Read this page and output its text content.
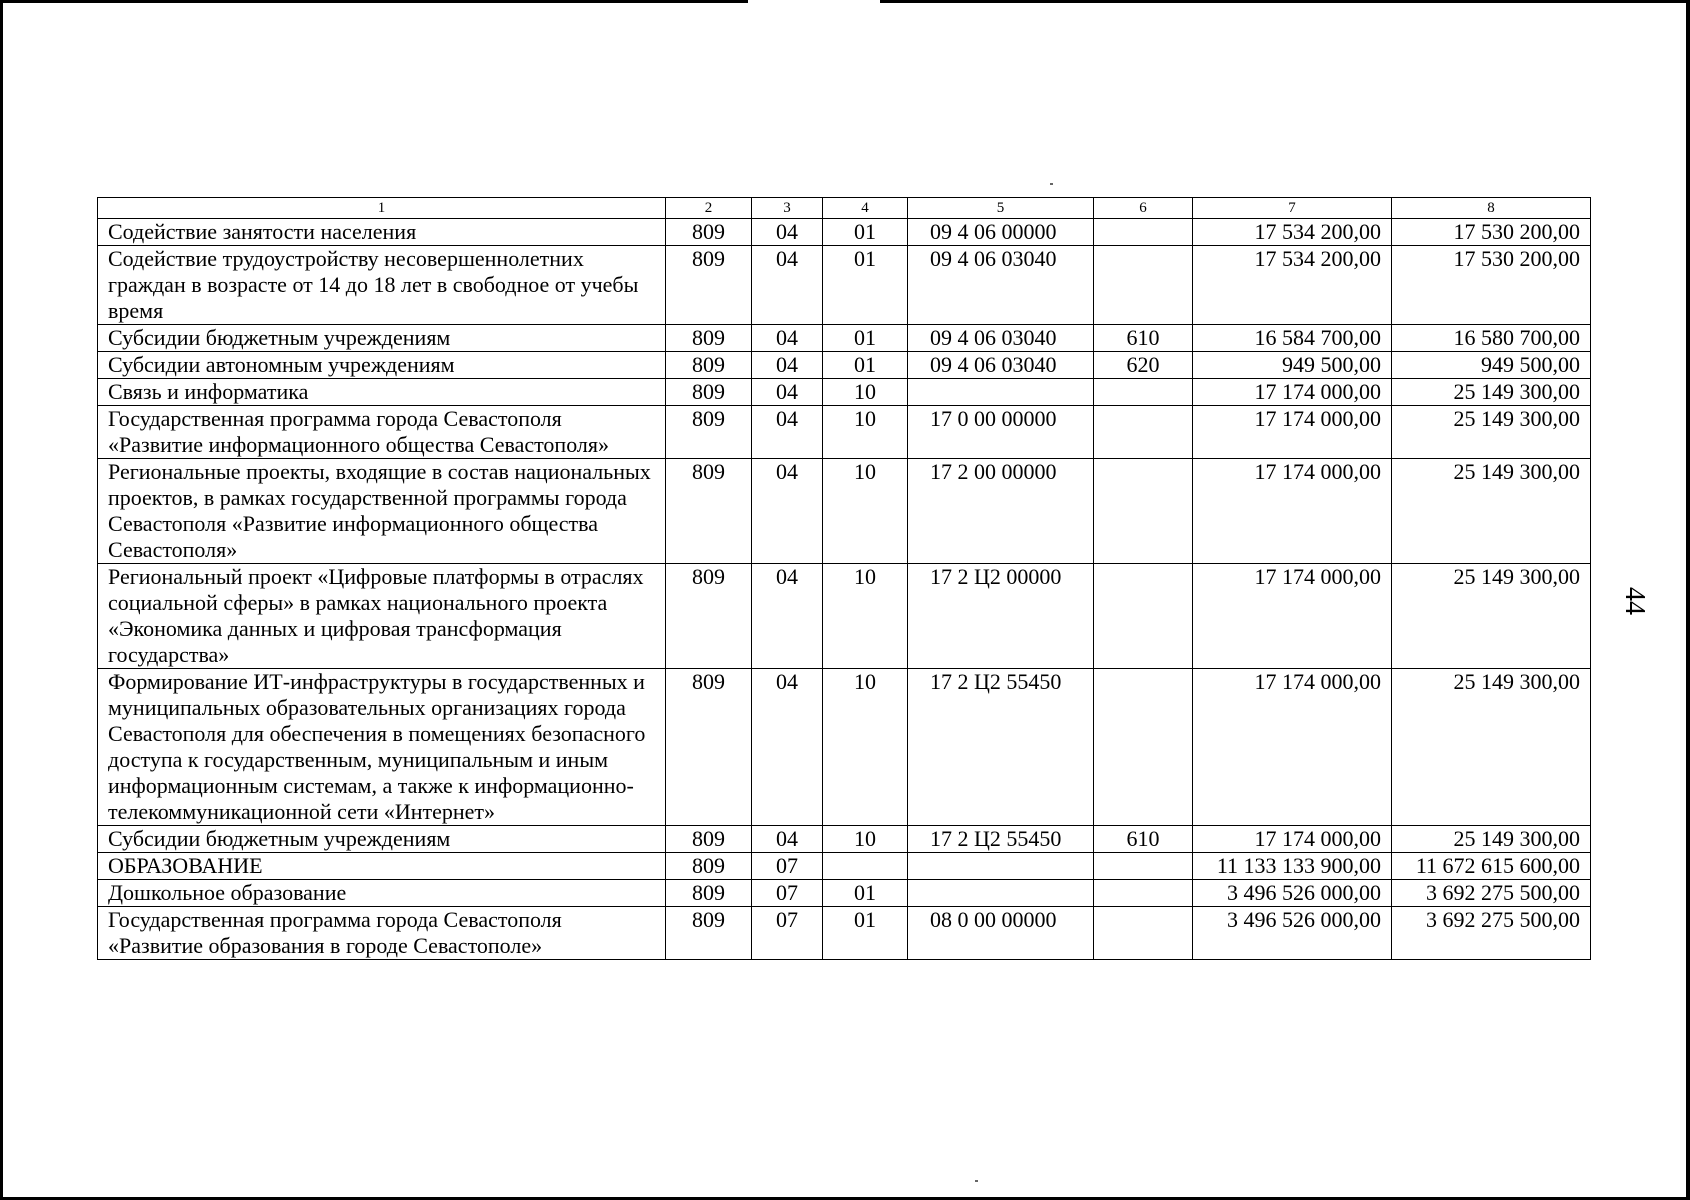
1	2	3	4	5	6	7	8
Содействие занятости населения	809	04	01	09 4 06 00000		17 534 200,00	17 530 200,00
Содействие трудоустройству несовершеннолетних граждан в возрасте от 14 до 18 лет в свободное от учебы время	809	04	01	09 4 06 03040		17 534 200,00	17 530 200,00
Субсидии бюджетным учреждениям	809	04	01	09 4 06 03040	610	16 584 700,00	16 580 700,00
Субсидии автономным учреждениям	809	04	01	09 4 06 03040	620	949 500,00	949 500,00
Связь и информатика	809	04	10			17 174 000,00	25 149 300,00
Государственная программа города Севастополя «Развитие информационного общества Севастополя»	809	04	10	17 0 00 00000		17 174 000,00	25 149 300,00
Региональные проекты, входящие в состав национальных проектов, в рамках государственной программы города Севастополя «Развитие информационного общества Севастополя»	809	04	10	17 2 00 00000		17 174 000,00	25 149 300,00
Региональный проект «Цифровые платформы в отраслях социальной сферы» в рамках национального проекта «Экономика данных и цифровая трансформация государства»	809	04	10	17 2 Ц2 00000		17 174 000,00	25 149 300,00
Формирование ИТ-инфраструктуры в государственных и муниципальных образовательных организациях города Севастополя для обеспечения в помещениях безопасного доступа к государственным, муниципальным и иным информационным системам, а также к информационно-телекоммуникационной сети «Интернет»	809	04	10	17 2 Ц2 55450		17 174 000,00	25 149 300,00
Субсидии бюджетным учреждениям	809	04	10	17 2 Ц2 55450	610	17 174 000,00	25 149 300,00
ОБРАЗОВАНИЕ	809	07				11 133 133 900,00	11 672 615 600,00
Дошкольное образование	809	07	01			3 496 526 000,00	3 692 275 500,00
Государственная программа города Севастополя «Развитие образования в городе Севастополе»	809	07	01	08 0 00 00000		3 496 526 000,00	3 692 275 500,00
44
